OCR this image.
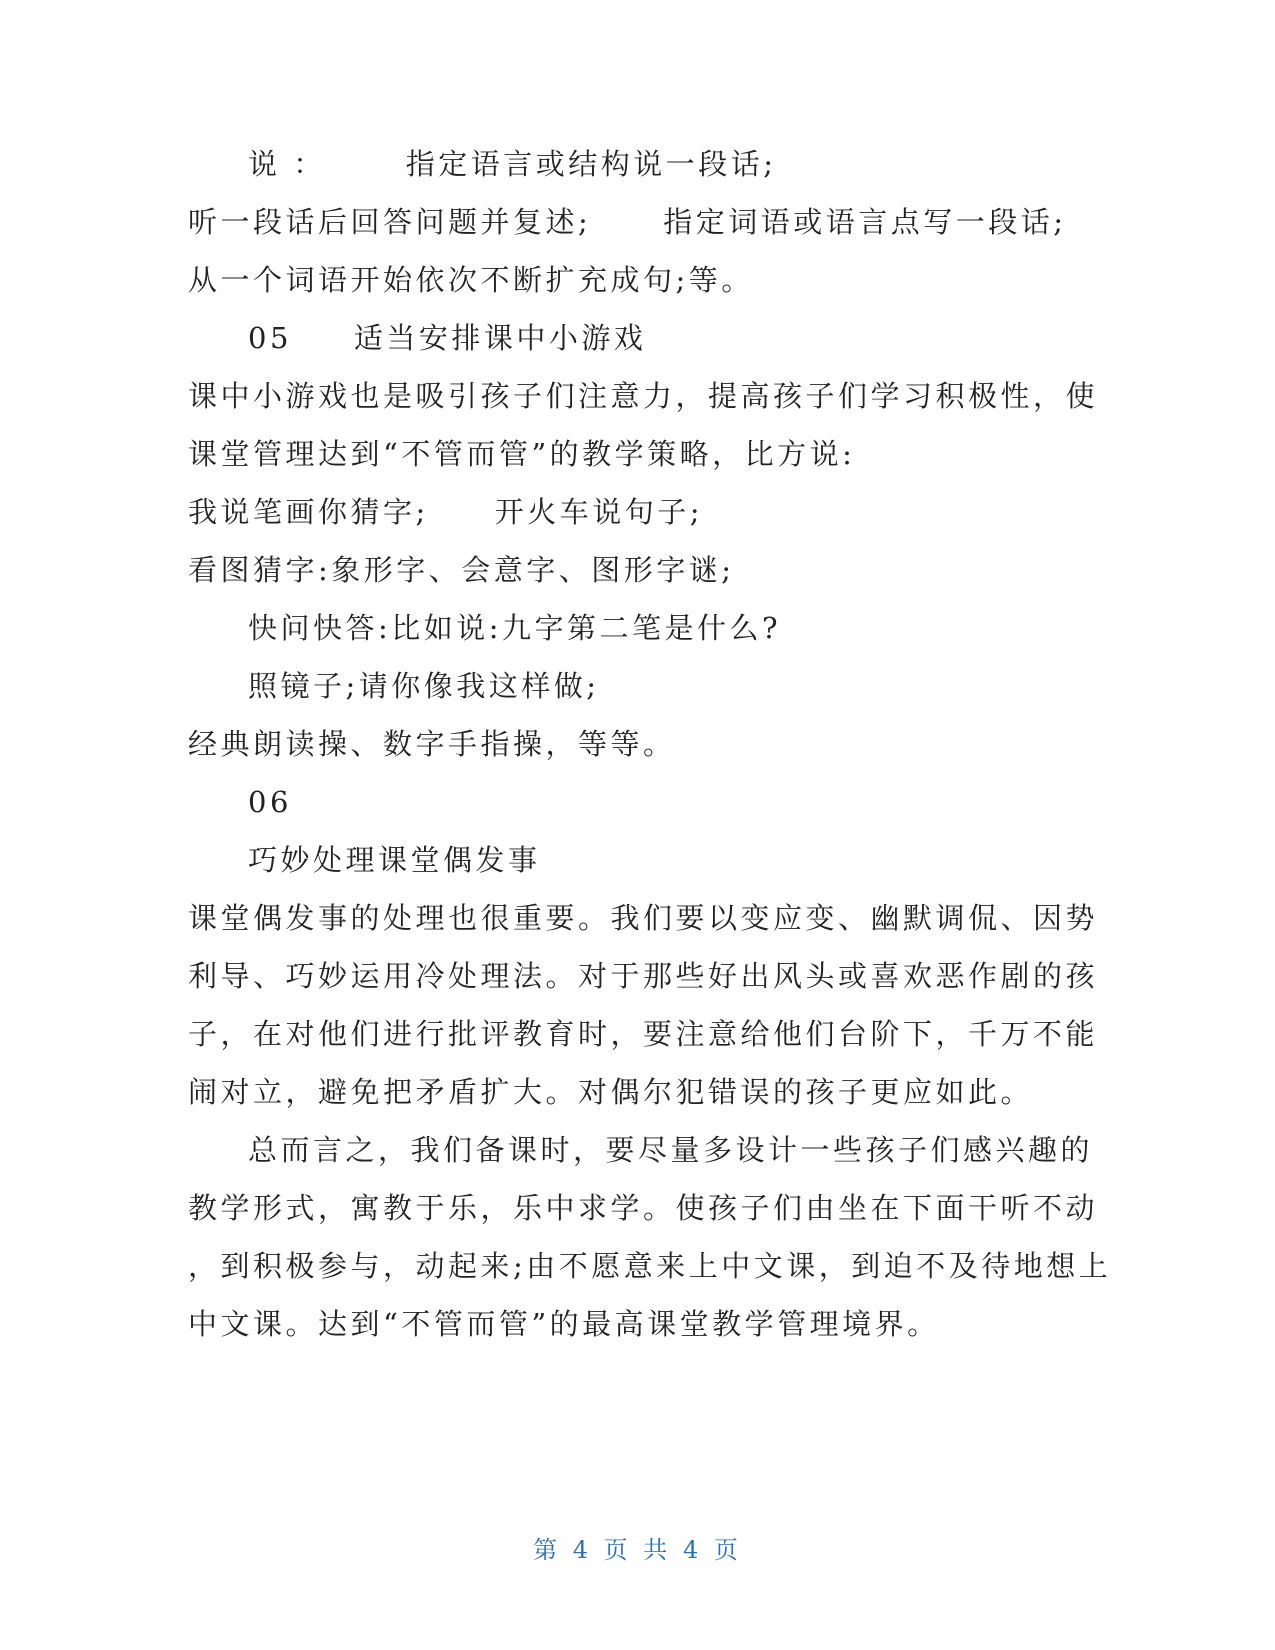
说 ：	指定语言或结构说一段话;
听一段话后回答问题并复述; 指定词语或语言点写一段话;
从一个词语开始依次不断扩充成句;等。
05 适当安排课中小游戏
课中小游戏也是吸引孩子们注意力，提高孩子们学习积极性，使
课堂管理达到“不管而管”的教学策略，比方说:
我说笔画你猜字; 开火车说句子;
看图猜字:象形字、会意字、图形字谜;
快问快答:比如说:九字第二笔是什么?
照镜子;请你像我这样做;
经典朗读操、数字手指操，等等。
06
巧妙处理课堂偶发事
课堂偶发事的处理也很重要。我们要以变应变、幽默调侃、因势
利导、巧妙运用冷处理法。对于那些好出风头或喜欢恶作剧的孩
子，在对他们进行批评教育时，要注意给他们台阶下，千万不能
闹对立，避免把矛盾扩大。对偶尔犯错误的孩子更应如此。
总而言之，我们备课时，要尽量多设计一些孩子们感兴趣的
教学形式，寓教于乐，乐中求学。使孩子们由坐在下面干听不动
，到积极参与，动起来;由不愿意来上中文课，到迫不及待地想上
中文课。达到“不管而管”的最高课堂教学管理境界。
第 4 页 共 4 页
